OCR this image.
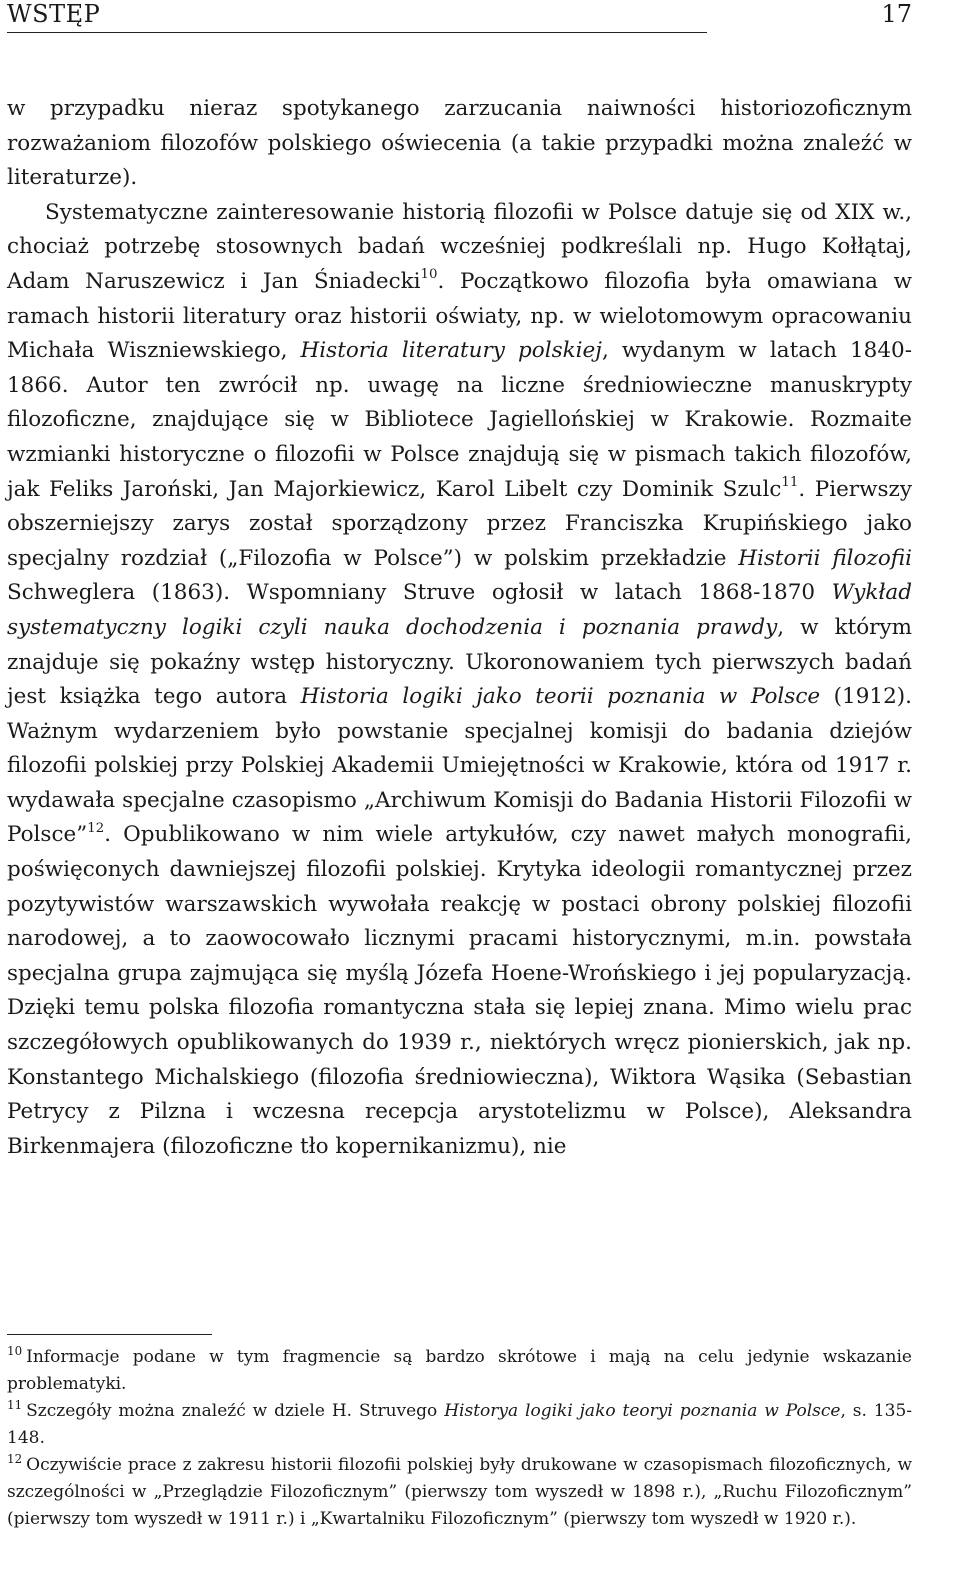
WSTĘP	17

w przypadku nieraz spotykanego zarzucania naiwności historiozoficznym rozważaniom filozofów polskiego oświecenia (a takie przypadki można znaleźć w literaturze).

Systematyczne zainteresowanie historią filozofii w Polsce datuje się od XIX w., chociaż potrzebę stosownych badań wcześniej podkreślali np. Hugo Kołłątaj, Adam Naruszewicz i Jan Śniadecki$^{10}$. Początkowo filozofia była omawiana w ramach historii literatury oraz historii oświaty, np. w wielotomowym opracowaniu Michała Wiszniewskiego, Historia literatury polskiej, wydanym w latach 1840-1866. Autor ten zwrócił np. uwagę na liczne średniowieczne manuskrypty filozoficzne, znajdujące się w Bibliotece Jagiellońskiej w Krakowie. Rozmaite wzmianki historyczne o filozofii w Polsce znajdują się w pismach takich filozofów, jak Feliks Jaroński, Jan Majorkiewicz, Karol Libelt czy Dominik Szulc$^{11}$. Pierwszy obszerniejszy zarys został sporządzony przez Franciszka Krupińskiego jako specjalny rozdział („Filozofia w Polsce”) w polskim przekładzie Historii filozofii Schweglera (1863). Wspomniany Struve ogłosił w latach 1868-1870 Wykład systematyczny logiki czyli nauka dochodzenia i poznania prawdy, w którym znajduje się pokaźny wstęp historyczny. Ukoronowaniem tych pierwszych badań jest książka tego autora Historia logiki jako teorii poznania w Polsce (1912). Ważnym wydarzeniem było powstanie specjalnej komisji do badania dziejów filozofii polskiej przy Polskiej Akademii Umiejętności w Krakowie, która od 1917 r. wydawała specjalne czasopismo „Archiwum Komisji do Badania Historii Filozofii w Polsce”$^{12}$. Opublikowano w nim wiele artykułów, czy nawet małych monografii, poświęconych dawniejszej filozofii polskiej. Krytyka ideologii romantycznej przez pozytywistów warszawskich wywołała reakcję w postaci obrony polskiej filozofii narodowej, a to zaowocowało licznymi pracami historycznymi, m.in. powstała specjalna grupa zajmująca się myślą Józefa Hoene-Wrońskiego i jej popularyzacją. Dzięki temu polska filozofia romantyczna stała się lepiej znana. Mimo wielu prac szczegółowych opublikowanych do 1939 r., niektórych wręcz pionierskich, jak np. Konstantego Michalskiego (filozofia średniowieczna), Wiktora Wąsika (Sebastian Petrycy z Pilzna i wczesna recepcja arystotelizmu w Polsce), Aleksandra Birkenmajera (filozoficzne tło kopernikanizmu), nie

$^{10}$ Informacje podane w tym fragmencie są bardzo skrótowe i mają na celu jedynie wskazanie problematyki.

$^{11}$ Szczegóły można znaleźć w dziele H. Struvego Historya logiki jako teoryi poznania w Polsce, s. 135-148.

$^{12}$ Oczywiście prace z zakresu historii filozofii polskiej były drukowane w czasopismach filozoficznych, w szczególności w „Przeglądzie Filozoficznym” (pierwszy tom wyszedł w 1898 r.), „Ruchu Filozoficznym” (pierwszy tom wyszedł w 1911 r.) i „Kwartalniku Filozoficznym” (pierwszy tom wyszedł w 1920 r.).
